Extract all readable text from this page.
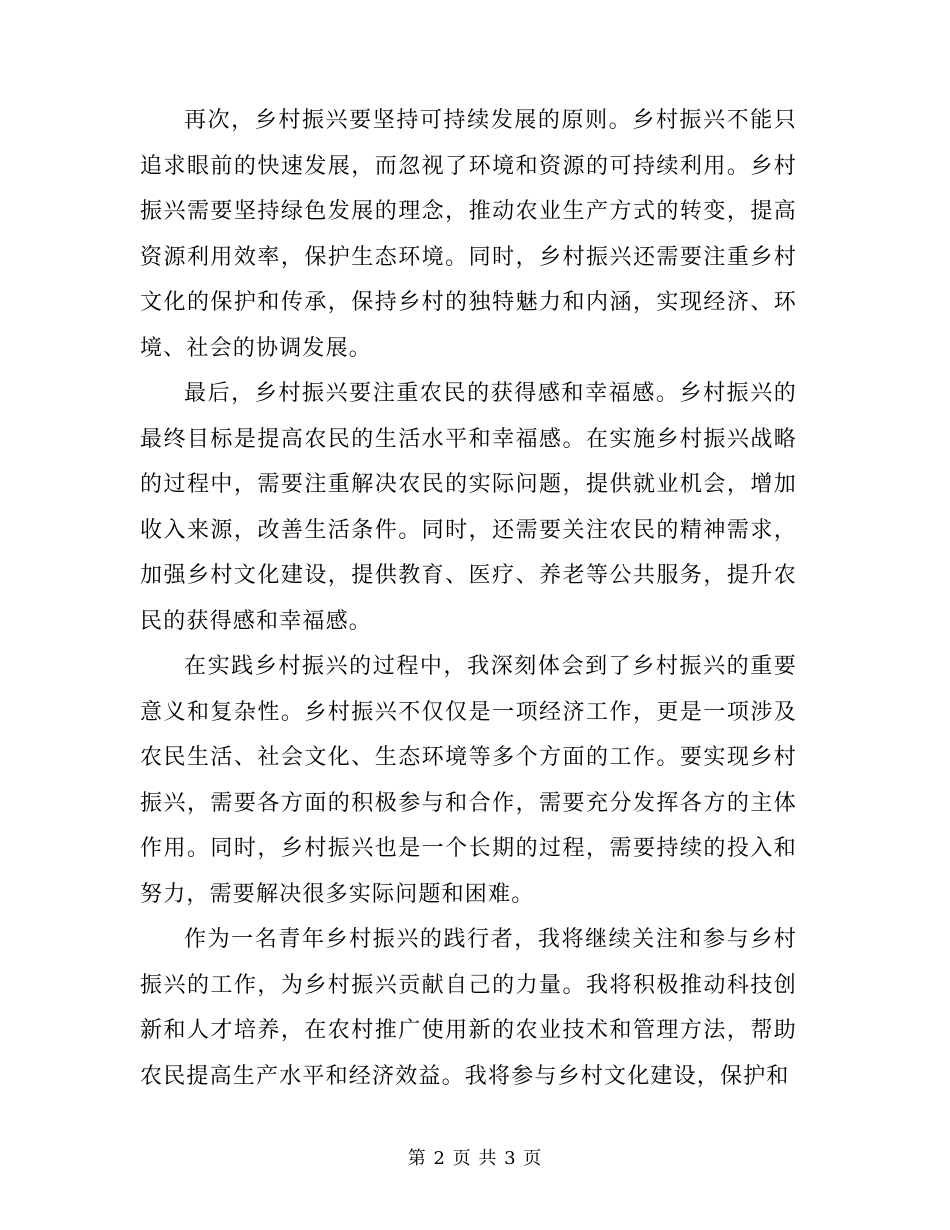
再次，乡村振兴要坚持可持续发展的原则。乡村振兴不能只追求眼前的快速发展，而忽视了环境和资源的可持续利用。乡村振兴需要坚持绿色发展的理念，推动农业生产方式的转变，提高资源利用效率，保护生态环境。同时，乡村振兴还需要注重乡村文化的保护和传承，保持乡村的独特魅力和内涵，实现经济、环境、社会的协调发展。

最后，乡村振兴要注重农民的获得感和幸福感。乡村振兴的最终目标是提高农民的生活水平和幸福感。在实施乡村振兴战略的过程中，需要注重解决农民的实际问题，提供就业机会，增加收入来源，改善生活条件。同时，还需要关注农民的精神需求，加强乡村文化建设，提供教育、医疗、养老等公共服务，提升农民的获得感和幸福感。

在实践乡村振兴的过程中，我深刻体会到了乡村振兴的重要意义和复杂性。乡村振兴不仅仅是一项经济工作，更是一项涉及农民生活、社会文化、生态环境等多个方面的工作。要实现乡村振兴，需要各方面的积极参与和合作，需要充分发挥各方的主体作用。同时，乡村振兴也是一个长期的过程，需要持续的投入和努力，需要解决很多实际问题和困难。

作为一名青年乡村振兴的践行者，我将继续关注和参与乡村振兴的工作，为乡村振兴贡献自己的力量。我将积极推动科技创新和人才培养，在农村推广使用新的农业技术和管理方法，帮助农民提高生产水平和经济效益。我将参与乡村文化建设，保护和

第 2 页 共 3 页
